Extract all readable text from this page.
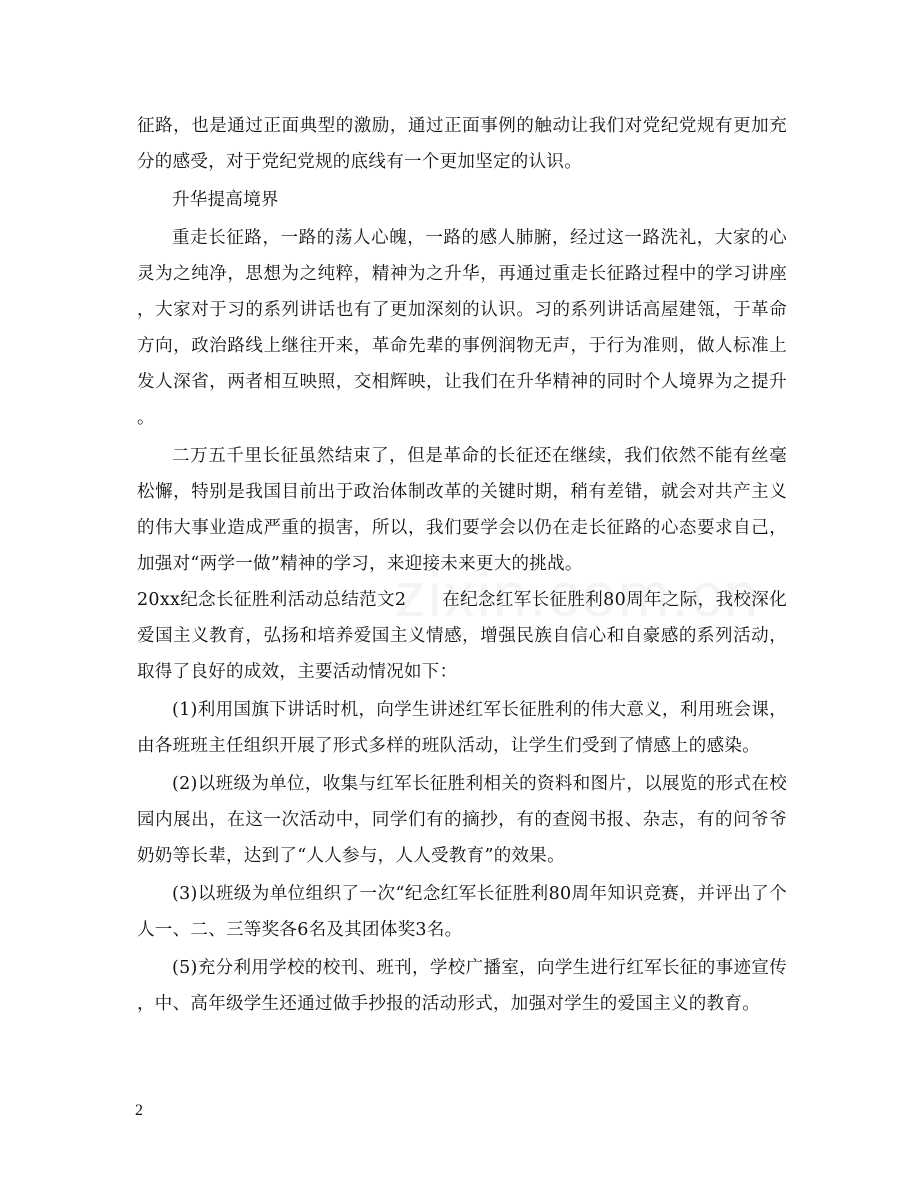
征路，也是通过正面典型的激励，通过正面事例的触动让我们对党纪党规有更加充分的感受，对于党纪党规的底线有一个更加坚定的认识。

升华提高境界

重走长征路，一路的荡人心魄，一路的感人肺腑，经过这一路洗礼，大家的心灵为之纯净，思想为之纯粹，精神为之升华，再通过重走长征路过程中的学习讲座，大家对于习的系列讲话也有了更加深刻的认识。习的系列讲话高屋建瓴，于革命方向，政治路线上继往开来，革命先辈的事例润物无声，于行为准则，做人标准上发人深省，两者相互映照，交相辉映，让我们在升华精神的同时个人境界为之提升。

二万五千里长征虽然结束了，但是革命的长征还在继续，我们依然不能有丝毫松懈，特别是我国目前出于政治体制改革的关键时期，稍有差错，就会对共产主义的伟大事业造成严重的损害，所以，我们要学会以仍在走长征路的心态要求自己，加强对“两学一做”精神的学习，来迎接未来更大的挑战。

20xx纪念长征胜利活动总结范文2　　在纪念红军长征胜利80周年之际，我校深化爱国主义教育，弘扬和培养爱国主义情感，增强民族自信心和自豪感的系列活动，取得了良好的成效，主要活动情况如下：

(1)利用国旗下讲话时机，向学生讲述红军长征胜利的伟大意义，利用班会课，由各班班主任组织开展了形式多样的班队活动，让学生们受到了情感上的感染。

(2)以班级为单位，收集与红军长征胜利相关的资料和图片，以展览的形式在校园内展出，在这一次活动中，同学们有的摘抄，有的查阅书报、杂志，有的问爷爷奶奶等长辈，达到了“人人参与，人人受教育”的效果。

(3)以班级为单位组织了一次“纪念红军长征胜利80周年知识竞赛，并评出了个人一、二、三等奖各6名及其团体奖3名。

(5)充分利用学校的校刊、班刊，学校广播室，向学生进行红军长征的事迹宣传，中、高年级学生还通过做手抄报的活动形式，加强对学生的爱国主义的教育。

2
